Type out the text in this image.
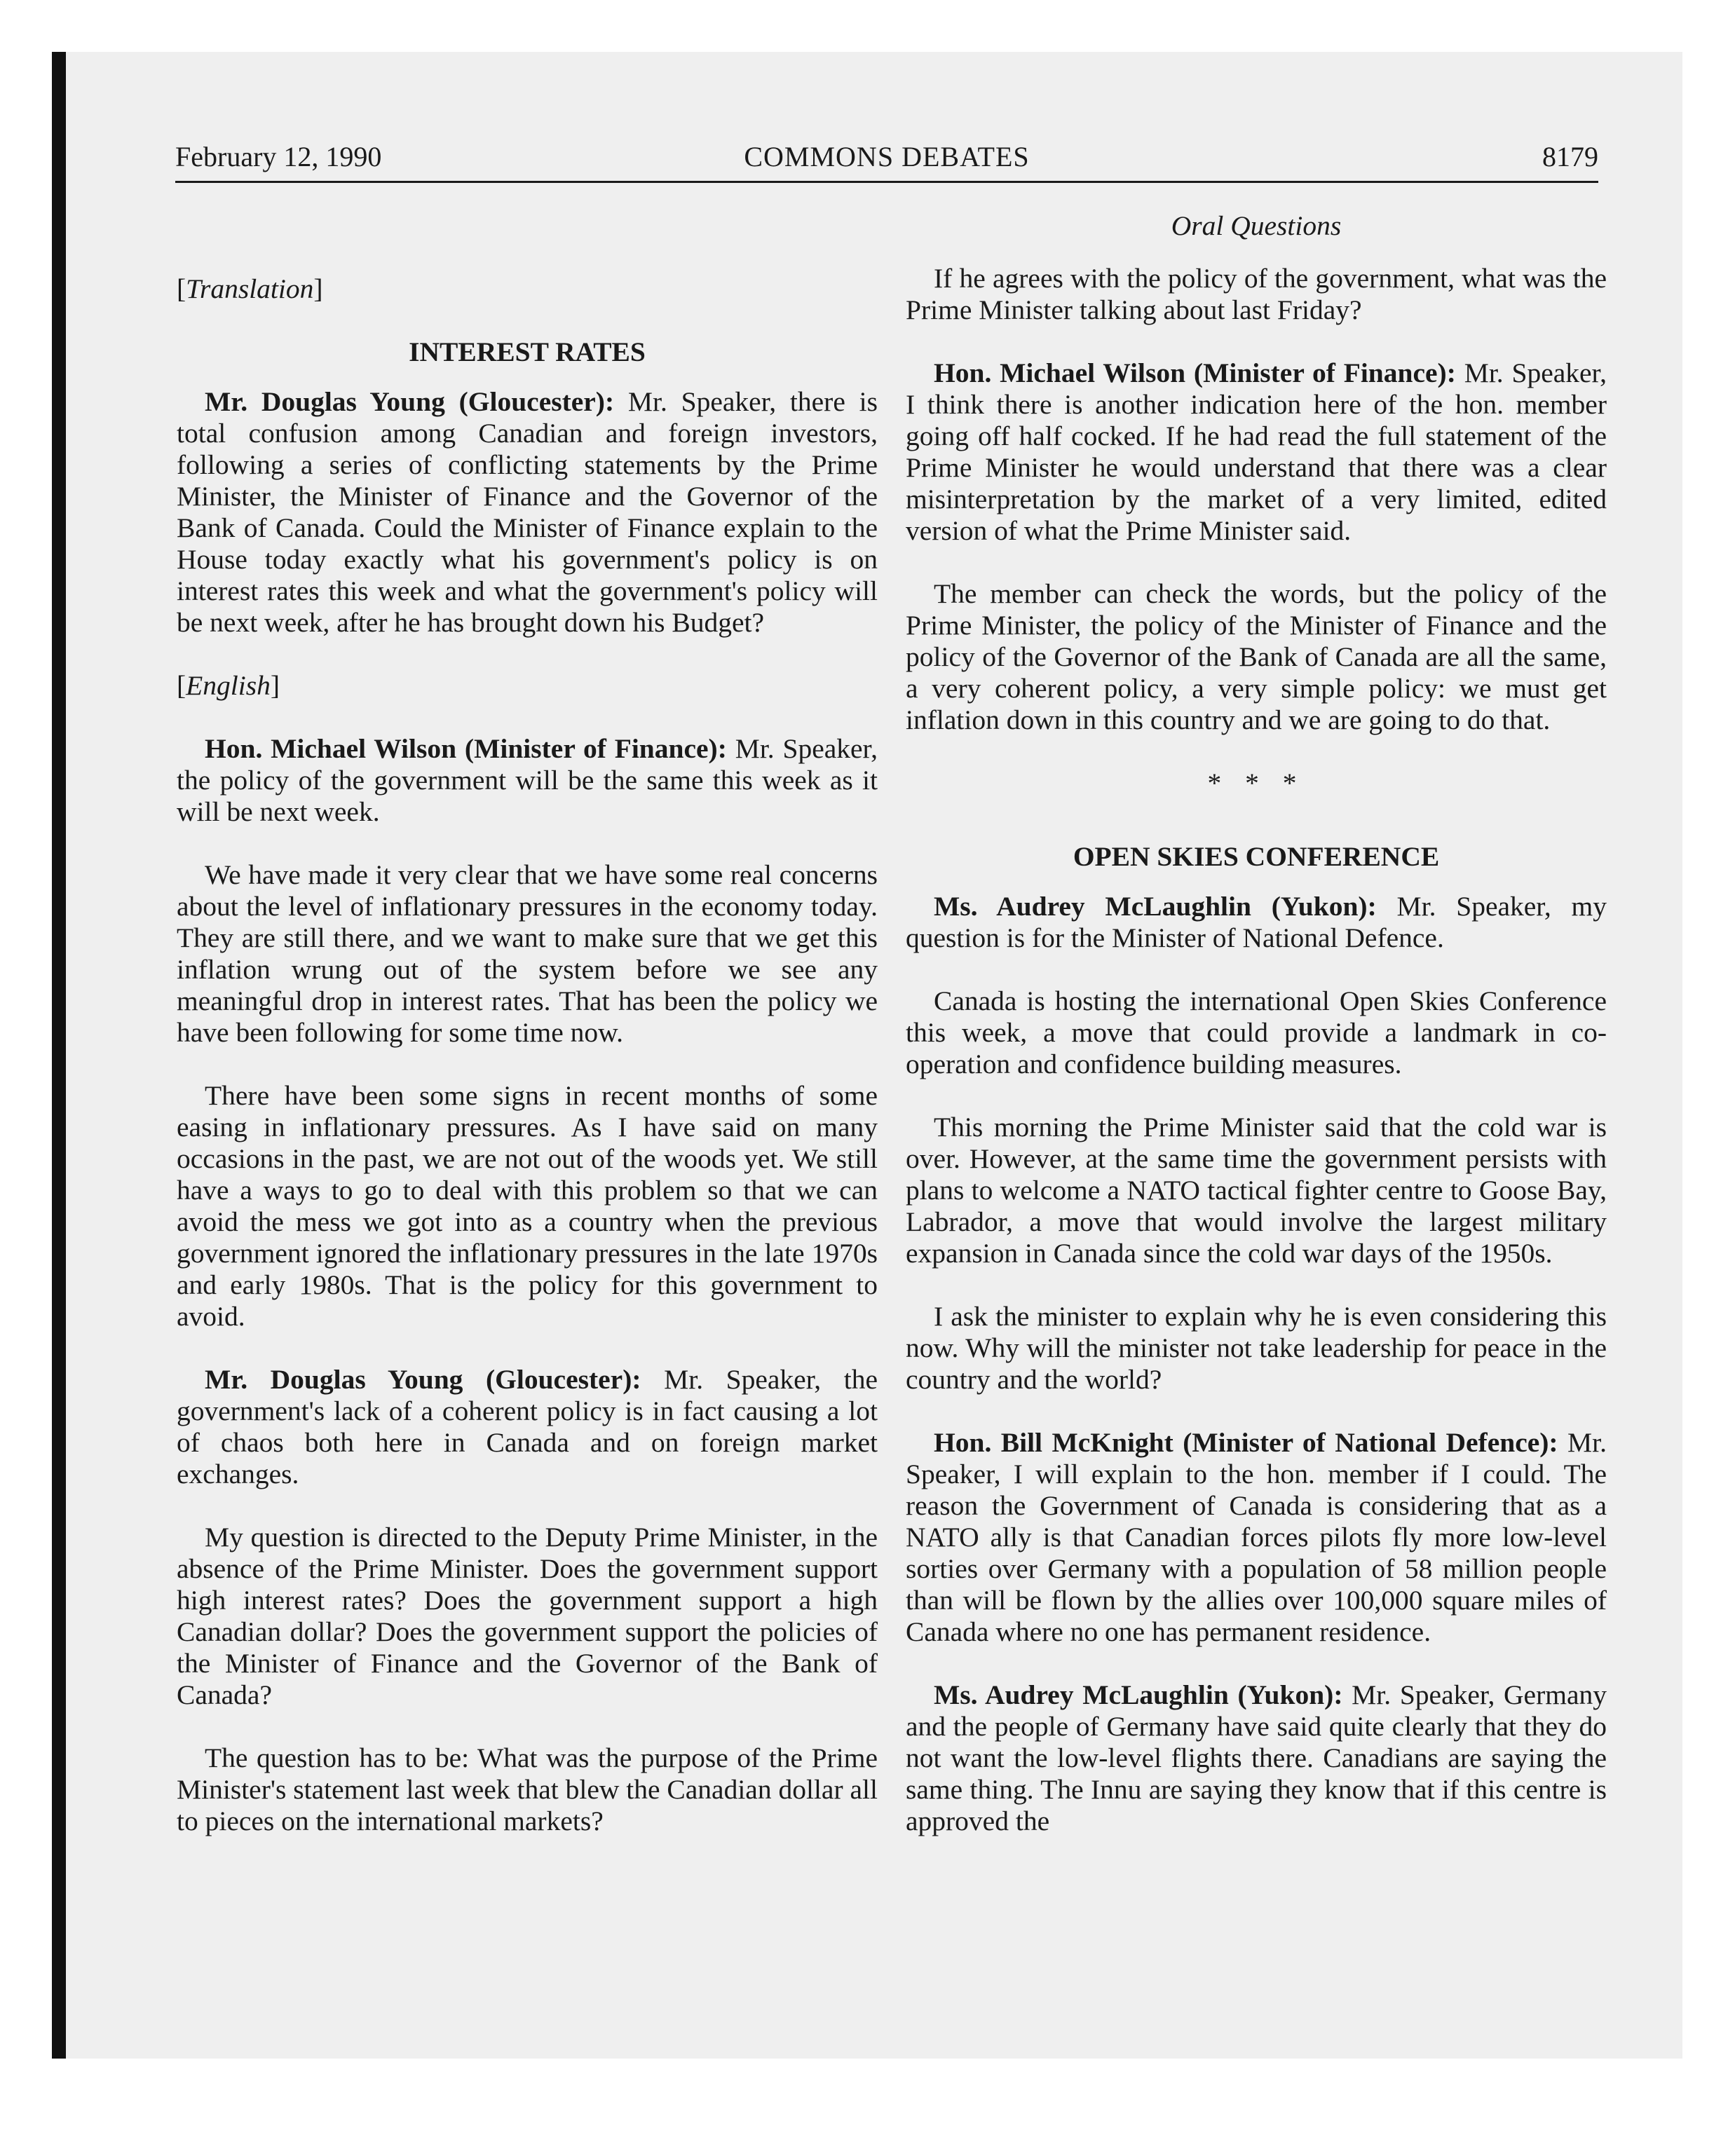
February 12, 1990	COMMONS DEBATES	8179
[Translation]
INTEREST RATES

Mr. Douglas Young (Gloucester): Mr. Speaker, there is total confusion among Canadian and foreign investors, following a series of conflicting statements by the Prime Minister, the Minister of Finance and the Governor of the Bank of Canada. Could the Minister of Finance explain to the House today exactly what his government's policy is on interest rates this week and what the government's policy will be next week, after he has brought down his Budget?

[English]

Hon. Michael Wilson (Minister of Finance): Mr. Speaker, the policy of the government will be the same this week as it will be next week.

We have made it very clear that we have some real concerns about the level of inflationary pressures in the economy today. They are still there, and we want to make sure that we get this inflation wrung out of the system before we see any meaningful drop in interest rates. That has been the policy we have been following for some time now.

There have been some signs in recent months of some easing in inflationary pressures. As I have said on many occasions in the past, we are not out of the woods yet. We still have a ways to go to deal with this problem so that we can avoid the mess we got into as a country when the previous government ignored the inflationary pressures in the late 1970s and early 1980s. That is the policy for this government to avoid.

Mr. Douglas Young (Gloucester): Mr. Speaker, the government's lack of a coherent policy is in fact causing a lot of chaos both here in Canada and on foreign market exchanges.

My question is directed to the Deputy Prime Minister, in the absence of the Prime Minister. Does the government support high interest rates? Does the government support a high Canadian dollar? Does the government support the policies of the Minister of Finance and the Governor of the Bank of Canada?

The question has to be: What was the purpose of the Prime Minister's statement last week that blew the Canadian dollar all to pieces on the international markets?

Oral Questions

If he agrees with the policy of the government, what was the Prime Minister talking about last Friday?

Hon. Michael Wilson (Minister of Finance): Mr. Speaker, I think there is another indication here of the hon. member going off half cocked. If he had read the full statement of the Prime Minister he would understand that there was a clear misinterpretation by the market of a very limited, edited version of what the Prime Minister said.

The member can check the words, but the policy of the Prime Minister, the policy of the Minister of Finance and the policy of the Governor of the Bank of Canada are all the same, a very coherent policy, a very simple policy: we must get inflation down in this country and we are going to do that.

* * *
OPEN SKIES CONFERENCE

Ms. Audrey McLaughlin (Yukon): Mr. Speaker, my question is for the Minister of National Defence.

Canada is hosting the international Open Skies Conference this week, a move that could provide a landmark in co-operation and confidence building measures.

This morning the Prime Minister said that the cold war is over. However, at the same time the government persists with plans to welcome a NATO tactical fighter centre to Goose Bay, Labrador, a move that would involve the largest military expansion in Canada since the cold war days of the 1950s.

I ask the minister to explain why he is even considering this now. Why will the minister not take leadership for peace in the country and the world?

Hon. Bill McKnight (Minister of National Defence): Mr. Speaker, I will explain to the hon. member if I could. The reason the Government of Canada is considering that as a NATO ally is that Canadian forces pilots fly more low-level sorties over Germany with a population of 58 million people than will be flown by the allies over 100,000 square miles of Canada where no one has permanent residence.

Ms. Audrey McLaughlin (Yukon): Mr. Speaker, Germany and the people of Germany have said quite clearly that they do not want the low-level flights there. Canadians are saying the same thing. The Innu are saying they know that if this centre is approved the
